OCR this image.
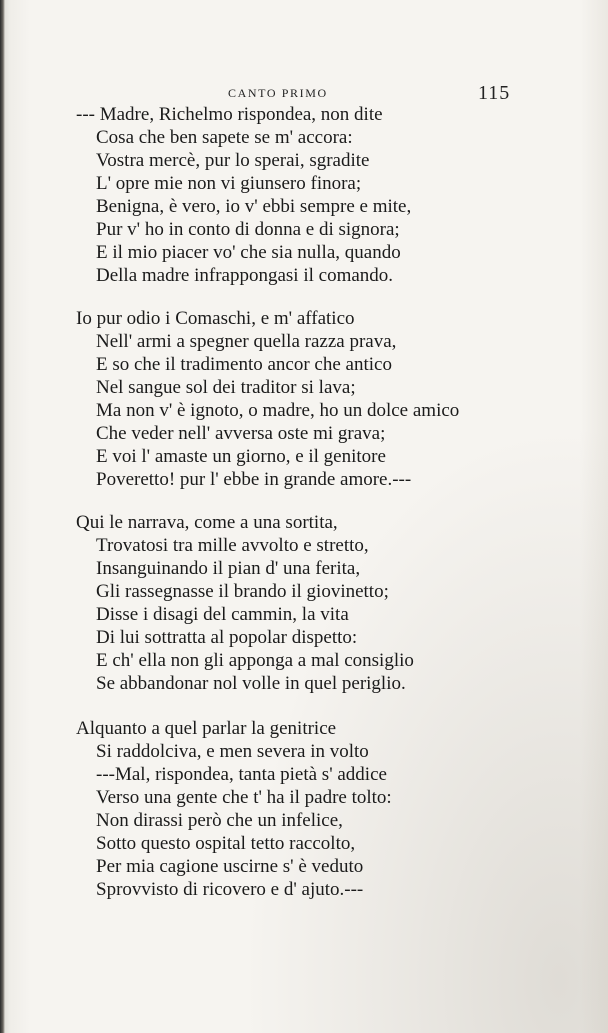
CANTO PRIMO	115
--- Madre, Richelmo rispondea, non dite
Cosa che ben sapete se m' accora:
Vostra mercè, pur lo sperai, sgradite
L' opre mie non vi giunsero finora;
Benigna, è vero, io v' ebbi sempre e mite,
Pur v' ho in conto di donna e di signora;
E il mio piacer vo' che sia nulla, quando
Della madre infrappongasi il comando.
Io pur odio i Comaschi, e m' affatico
Nell' armi a spegner quella razza prava,
E so che il tradimento ancor che antico
Nel sangue sol dei traditor si lava;
Ma non v' è ignoto, o madre, ho un dolce amico
Che veder nell' avversa oste mi grava;
E voi l' amaste un giorno, e il genitore
Poveretto! pur l' ebbe in grande amore.---
Qui le narrava, come a una sortita,
Trovatosi tra mille avvolto e stretto,
Insanguinando il pian d' una ferita,
Gli rassegnasse il brando il giovinetto;
Disse i disagi del cammin, la vita
Di lui sottratta al popolar dispetto:
E ch' ella non gli apponga a mal consiglio
Se abbandonar nol volle in quel periglio.
Alquanto a quel parlar la genitrice
Si raddolciva, e men severa in volto
---Mal, rispondea, tanta pietà s' addice
Verso una gente che t' ha il padre tolto:
Non dirassi però che un infelice,
Sotto questo ospital tetto raccolto,
Per mia cagione uscirne s' è veduto
Sprovvisto di ricovero e d' ajuto.---
